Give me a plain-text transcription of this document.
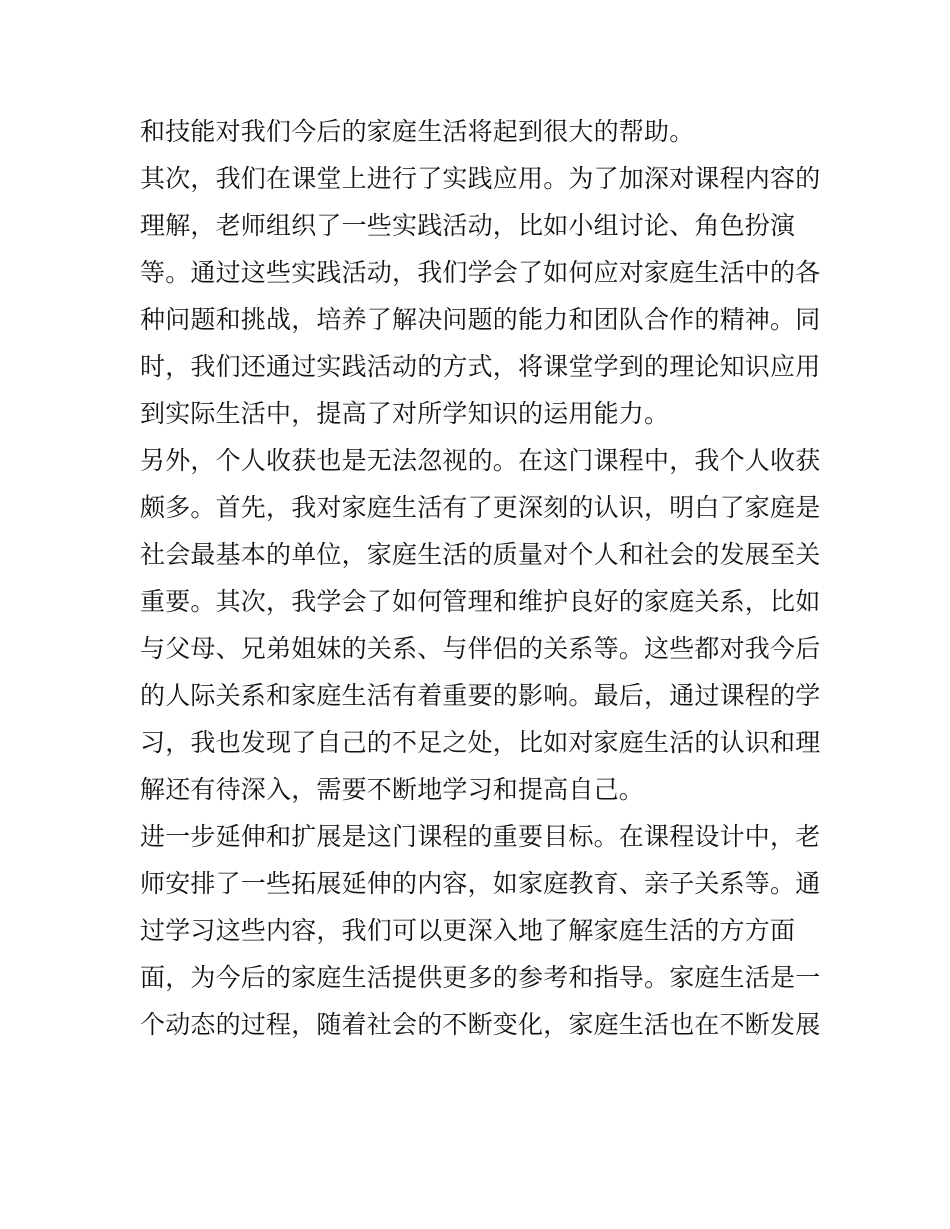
和技能对我们今后的家庭生活将起到很大的帮助。
其次，我们在课堂上进行了实践应用。为了加深对课程内容的
理解，老师组织了一些实践活动，比如小组讨论、角色扮演
等。通过这些实践活动，我们学会了如何应对家庭生活中的各
种问题和挑战，培养了解决问题的能力和团队合作的精神。同
时，我们还通过实践活动的方式，将课堂学到的理论知识应用
到实际生活中，提高了对所学知识的运用能力。
另外，个人收获也是无法忽视的。在这门课程中，我个人收获
颇多。首先，我对家庭生活有了更深刻的认识，明白了家庭是
社会最基本的单位，家庭生活的质量对个人和社会的发展至关
重要。其次，我学会了如何管理和维护良好的家庭关系，比如
与父母、兄弟姐妹的关系、与伴侣的关系等。这些都对我今后
的人际关系和家庭生活有着重要的影响。最后，通过课程的学
习，我也发现了自己的不足之处，比如对家庭生活的认识和理
解还有待深入，需要不断地学习和提高自己。
进一步延伸和扩展是这门课程的重要目标。在课程设计中，老
师安排了一些拓展延伸的内容，如家庭教育、亲子关系等。通
过学习这些内容，我们可以更深入地了解家庭生活的方方面
面，为今后的家庭生活提供更多的参考和指导。家庭生活是一
个动态的过程，随着社会的不断变化，家庭生活也在不断发展
